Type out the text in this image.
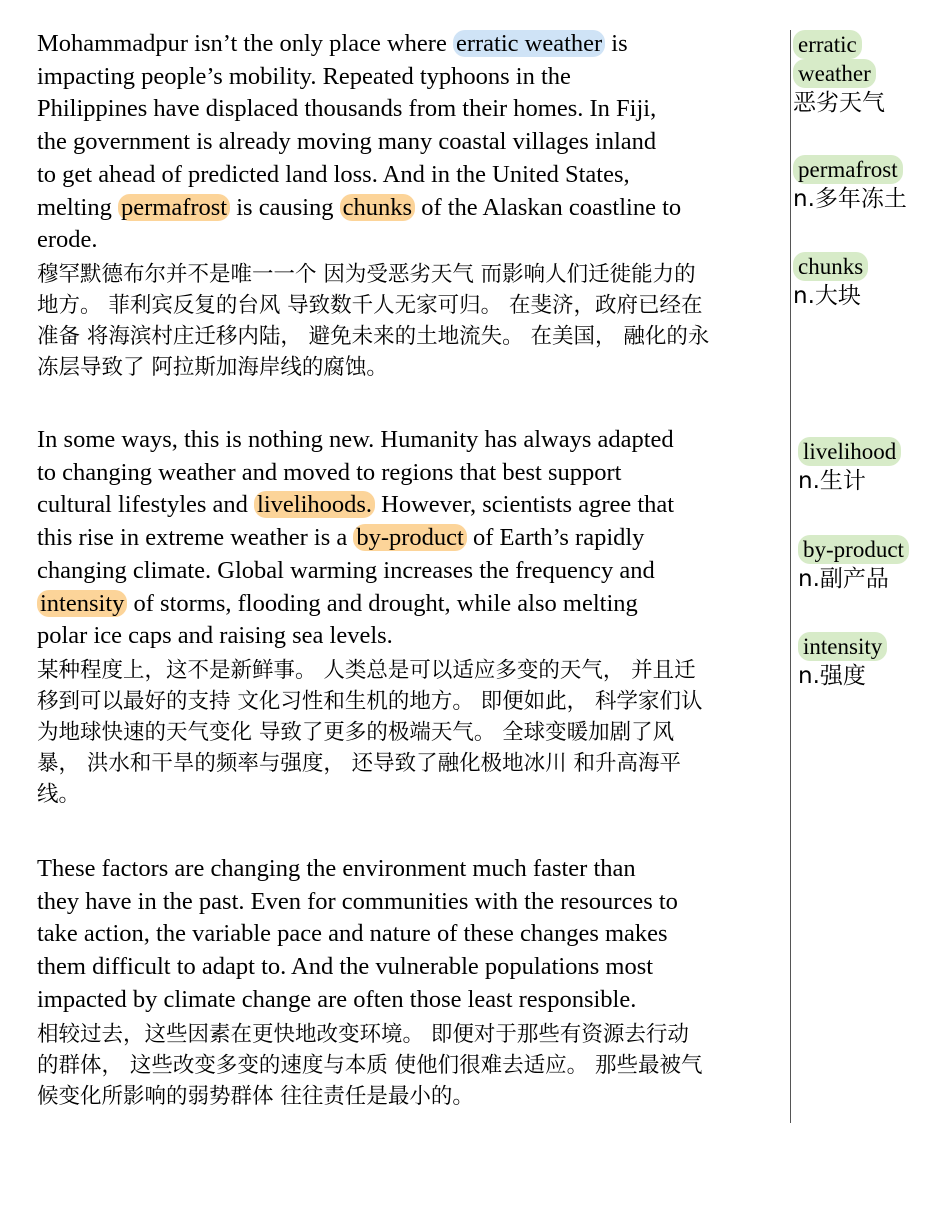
Mohammadpur isn’t the only place where erratic weather is
impacting people’s mobility. Repeated typhoons in the
Philippines have displaced thousands from their homes. In Fiji,
the government is already moving many coastal villages inland
to get ahead of predicted land loss. And in the United States,
melting permafrost is causing chunks of the Alaskan coastline to
erode.
穆罕默德布尔并不是唯一一个 因为受恶劣天气 而影响人们迁徙能力的
地方。 菲利宾反复的台风 导致数千人无家可归。 在斐济，政府已经在
准备 将海滨村庄迁移内陆， 避免未来的土地流失。 在美国， 融化的永
冻层导致了 阿拉斯加海岸线的腐蚀。
In some ways, this is nothing new. Humanity has always adapted
to changing weather and moved to regions that best support
cultural lifestyles and livelihoods. However, scientists agree that
this rise in extreme weather is a by-product of Earth’s rapidly
changing climate. Global warming increases the frequency and
intensity of storms, flooding and drought, while also melting
polar ice caps and raising sea levels.
某种程度上，这不是新鲜事。 人类总是可以适应多变的天气， 并且迁
移到可以最好的支持 文化习性和生机的地方。 即便如此， 科学家们认
为地球快速的天气变化 导致了更多的极端天气。 全球变暖加剧了风
暴， 洪水和干旱的频率与强度， 还导致了融化极地冰川 和升高海平
线。
These factors are changing the environment much faster than
they have in the past. Even for communities with the resources to
take action, the variable pace and nature of these changes makes
them difficult to adapt to. And the vulnerable populations most
impacted by climate change are often those least responsible.
相较过去，这些因素在更快地改变环境。 即便对于那些有资源去行动
的群体， 这些改变多变的速度与本质 使他们很难去适应。 那些最被气
候变化所影响的弱势群体 往往责任是最小的。
erratic
weather
恶劣天气
permafrost
n.多年冻土
chunks
n.大块
livelihood
n.生计
by-product
n.副产品
intensity
n.强度
